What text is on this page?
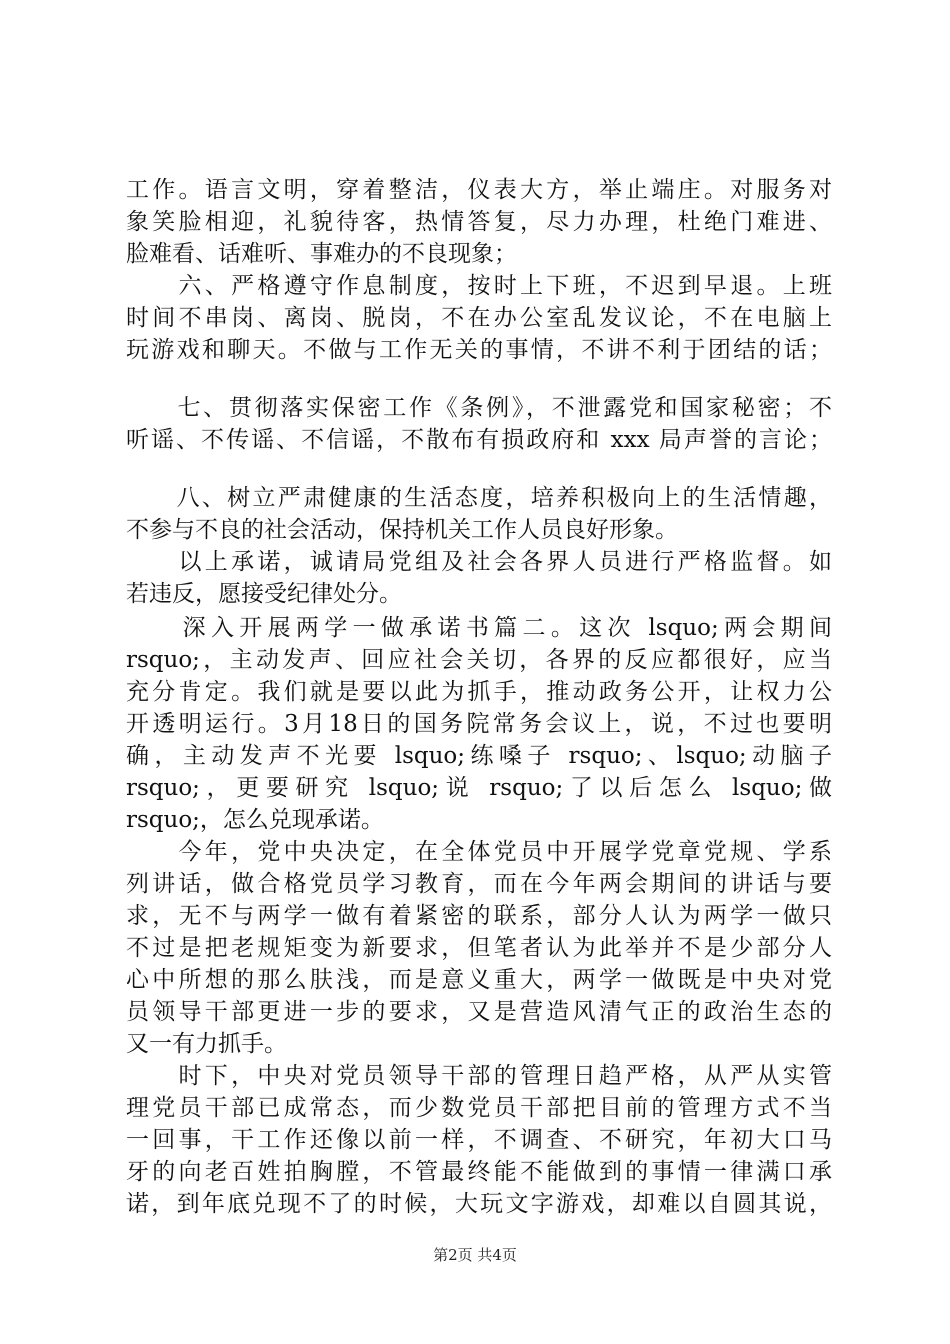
工作。语言文明，穿着整洁，仪表大方，举止端庄。对服务对
象笑脸相迎，礼貌待客，热情答复，尽力办理，杜绝门难进、
脸难看、话难听、事难办的不良现象；
　　六、严格遵守作息制度，按时上下班，不迟到早退。上班
时间不串岗、离岗、脱岗，不在办公室乱发议论，不在电脑上
玩游戏和聊天。不做与工作无关的事情，不讲不利于团结的话；
　　七、贯彻落实保密工作《条例》，不泄露党和国家秘密；不
听谣、不传谣、不信谣，不散布有损政府和 xxx 局声誉的言论；
　　八、树立严肃健康的生活态度，培养积极向上的生活情趣，
不参与不良的社会活动，保持机关工作人员良好形象。
　　以上承诺，诚请局党组及社会各界人员进行严格监督。如
若违反，愿接受纪律处分。
　　深入开展两学一做承诺书篇二。这次 lsquo;两会期间
rsquo;，主动发声、回应社会关切，各界的反应都很好，应当
充分肯定。我们就是要以此为抓手，推动政务公开，让权力公
开透明运行。3月18日的国务院常务会议上，说，不过也要明
确，主动发声不光要 lsquo;练嗓子 rsquo;、lsquo;动脑子
rsquo;，更要研究 lsquo;说 rsquo;了以后怎么 lsquo;做
rsquo;，怎么兑现承诺。
　　今年，党中央决定，在全体党员中开展学党章党规、学系
列讲话，做合格党员学习教育，而在今年两会期间的讲话与要
求，无不与两学一做有着紧密的联系，部分人认为两学一做只
不过是把老规矩变为新要求，但笔者认为此举并不是少部分人
心中所想的那么肤浅，而是意义重大，两学一做既是中央对党
员领导干部更进一步的要求，又是营造风清气正的政治生态的
又一有力抓手。
　　时下，中央对党员领导干部的管理日趋严格，从严从实管
理党员干部已成常态，而少数党员干部把目前的管理方式不当
一回事，干工作还像以前一样，不调查、不研究，年初大口马
牙的向老百姓拍胸膛，不管最终能不能做到的事情一律满口承
诺，到年底兑现不了的时候，大玩文字游戏，却难以自圆其说，
第2页 共4页
